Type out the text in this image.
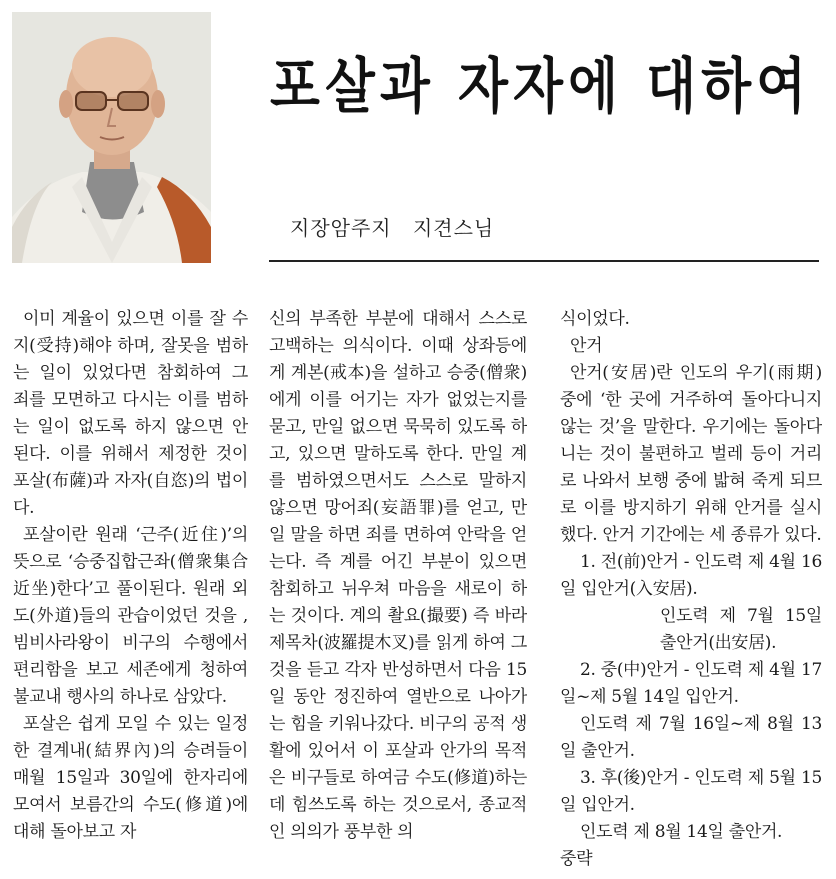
포살과 자자에 대하여
지장암주지 지견스님

이미 계율이 있으면 이를 잘 수지(受持)해야 하며, 잘못을 범하는 일이 있었다면 참회하여 그 죄를 모면하고 다시는 이를 범하는 일이 없도록 하지 않으면 안 된다. 이를 위해서 제정한 것이 포살(布薩)과 자자(自恣)의 법이다.

포살이란 원래 ‘근주(近住)’의 뜻으로 ‘승중집합근좌(僧衆集合近坐)한다’고 풀이된다. 원래 외도(外道)들의 관습이었던 것을 , 빔비사라왕이 비구의 수행에서 편리함을 보고 세존에게 청하여 불교내 행사의 하나로 삼았다.

포살은 쉽게 모일 수 있는 일정한 결계내(結界內)의 승려들이 매월 15일과 30일에 한자리에 모여서 보름간의 수도(修道)에 대해 돌아보고 자

신의 부족한 부분에 대해서 스스로 고백하는 의식이다. 이때 상좌등에게 계본(戒本)을 설하고 승중(僧衆)에게 이를 어기는 자가 없었는지를 묻고, 만일 없으면 묵묵히 있도록 하고, 있으면 말하도록 한다. 만일 계를 범하였으면서도 스스로 말하지 않으면 망어죄(妄語罪)를 얻고, 만일 말을 하면 죄를 면하여 안락을 얻는다. 즉 계를 어긴 부분이 있으면 참회하고 뉘우쳐 마음을 새로이 하는 것이다. 계의 촬요(撮要) 즉 바라제목차(波羅提木叉)를 읽게 하여 그것을 듣고 각자 반성하면서 다음 15일 동안 정진하여 열반으로 나아가는 힘을 키워나갔다. 비구의 공적 생활에 있어서 이 포살과 안가의 목적은 비구들로 하여금 수도(修道)하는데 힘쓰도록 하는 것으로서, 종교적인 의의가 풍부한 의

식이었다.

안거

안거(安居)란 인도의 우기(雨期) 중에 ‘한 곳에 거주하여 돌아다니지 않는 것’을 말한다. 우기에는 돌아다니는 것이 불편하고 벌레 등이 거리로 나와서 보행 중에 밟혀 죽게 되므로 이를 방지하기 위해 안거를 실시했다. 안거 기간에는 세 종류가 있다.

1. 전(前)안거 - 인도력 제 4월 16일 입안거(入安居).

인도력 제 7월 15일 출안거(出安居).

2. 중(中)안거 - 인도력 제 4월 17일~제 5월 14일 입안거.

인도력 제 7월 16일~제 8월 13일 출안거.

3. 후(後)안거 - 인도력 제 5월 15일 입안거.

인도력 제 8월 14일 출안거.

중략
